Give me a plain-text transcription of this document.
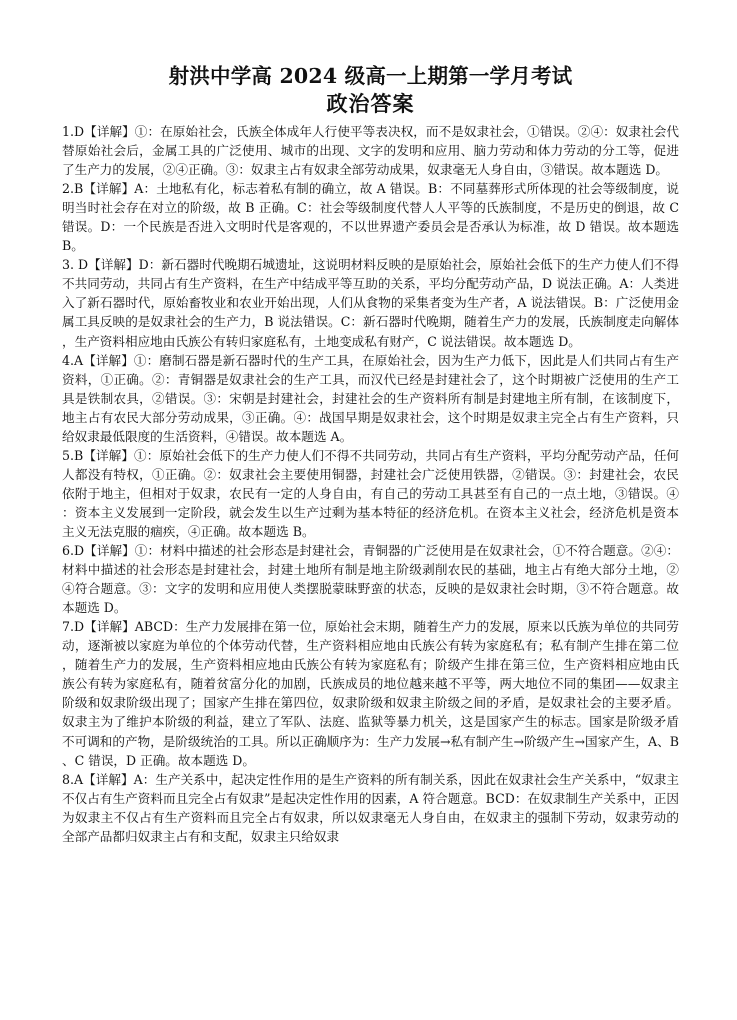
射洪中学高 2024 级高一上期第一学月考试
政治答案

1.D【详解】①：在原始社会，氏族全体成年人行使平等表决权，而不是奴隶社会，①错误。②④：奴隶社会代替原始社会后，金属工具的广泛使用、城市的出现、文字的发明和应用、脑力劳动和体力劳动的分工等，促进了生产力的发展，②④正确。③：奴隶主占有奴隶全部劳动成果，奴隶毫无人身自由，③错误。故本题选 D。

2.B【详解】A：土地私有化，标志着私有制的确立，故 A 错误。B：不同墓葬形式所体现的社会等级制度，说明当时社会存在对立的阶级，故 B 正确。C：社会等级制度代替人人平等的氏族制度，不是历史的倒退，故 C 错误。D：一个民族是否进入文明时代是客观的，不以世界遗产委员会是否承认为标准，故 D 错误。故本题选 B。

3. D【详解】D：新石器时代晚期石城遗址，这说明材料反映的是原始社会，原始社会低下的生产力使人们不得不共同劳动，共同占有生产资料，在生产中结成平等互助的关系，平均分配劳动产品，D 说法正确。A：人类进入了新石器时代，原始畜牧业和农业开始出现，人们从食物的采集者变为生产者，A 说法错误。B：广泛使用金属工具反映的是奴隶社会的生产力，B 说法错误。C：新石器时代晚期，随着生产力的发展，氏族制度走向解体，生产资料相应地由氏族公有转归家庭私有，土地变成私有财产，C 说法错误。故本题选 D。

4.A【详解】①：磨制石器是新石器时代的生产工具，在原始社会，因为生产力低下，因此是人们共同占有生产资料，①正确。②：青铜器是奴隶社会的生产工具，而汉代已经是封建社会了，这个时期被广泛使用的生产工具是铁制农具，②错误。③：宋朝是封建社会，封建社会的生产资料所有制是封建地主所有制，在该制度下，地主占有农民大部分劳动成果，③正确。④：战国早期是奴隶社会，这个时期是奴隶主完全占有生产资料，只给奴隶最低限度的生活资料，④错误。故本题选 A。

5.B【详解】①：原始社会低下的生产力使人们不得不共同劳动，共同占有生产资料，平均分配劳动产品，任何人都没有特权，①正确。②：奴隶社会主要使用铜器，封建社会广泛使用铁器，②错误。③：封建社会，农民依附于地主，但相对于奴隶，农民有一定的人身自由，有自己的劳动工具甚至有自己的一点土地，③错误。④：资本主义发展到一定阶段，就会发生以生产过剩为基本特征的经济危机。在资本主义社会，经济危机是资本主义无法克服的痼疾，④正确。故本题选 B。

6.D【详解】①：材料中描述的社会形态是封建社会，青铜器的广泛使用是在奴隶社会，①不符合题意。②④：材料中描述的社会形态是封建社会，封建土地所有制是地主阶级剥削农民的基础，地主占有绝大部分土地，②④符合题意。③：文字的发明和应用使人类摆脱蒙昧野蛮的状态，反映的是奴隶社会时期，③不符合题意。故本题选 D。

7.D【详解】ABCD：生产力发展排在第一位，原始社会末期，随着生产力的发展，原来以氏族为单位的共同劳动，逐渐被以家庭为单位的个体劳动代替，生产资料相应地由氏族公有转为家庭私有；私有制产生排在第二位，随着生产力的发展，生产资料相应地由氏族公有转为家庭私有；阶级产生排在第三位，生产资料相应地由氏族公有转为家庭私有，随着贫富分化的加剧，氏族成员的地位越来越不平等，两大地位不同的集团——奴隶主阶级和奴隶阶级出现了；国家产生排在第四位，奴隶阶级和奴隶主阶级之间的矛盾，是奴隶社会的主要矛盾。奴隶主为了维护本阶级的利益，建立了军队、法庭、监狱等暴力机关，这是国家产生的标志。国家是阶级矛盾不可调和的产物，是阶级统治的工具。所以正确顺序为：生产力发展→私有制产生→阶级产生→国家产生，A、B、C 错误，D 正确。故本题选 D。

8.A【详解】A：生产关系中，起决定性作用的是生产资料的所有制关系，因此在奴隶社会生产关系中，“奴隶主不仅占有生产资料而且完全占有奴隶”是起决定性作用的因素，A 符合题意。BCD：在奴隶制生产关系中，正因为奴隶主不仅占有生产资料而且完全占有奴隶，所以奴隶毫无人身自由，在奴隶主的强制下劳动，奴隶劳动的全部产品都归奴隶主占有和支配，奴隶主只给奴隶
